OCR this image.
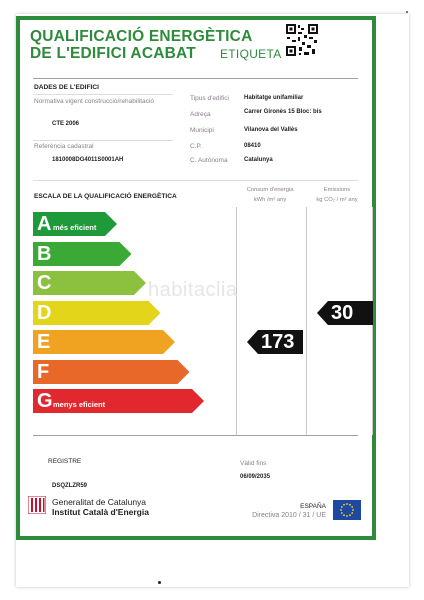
QUALIFICACIÓ ENERGÈTICA
DE L'EDIFICI ACABAT ETIQUETA
DADES DE L'EDIFICI
Normativa vigent construcció/rehabilitació
CTE 2006
Referència cadastral
1810008DG4011S0001AH
Tipus d'edifici	Habitatge unifamiliar
Adreça	Carrer Gironès 15 Bloc: bis
Municipi	Vilanova del Vallès
C.P.	08410
C. Autònoma	Catalunya
ESCALA DE LA QUALIFICACIÓ ENERGÈTICA
Consum d'energia
kWh /m² any
Emissions
kg CO₂ / m² any
habitaclia
A més eficient
B
C
D
E
F
G menys eficient
173
30
REGISTRE
DSQZLZR59
Vàlid fins
06/09/2035
Generalitat de Catalunya
Institut Català d'Energia
ESPAÑA
Directiva 2010 / 31 / UE
